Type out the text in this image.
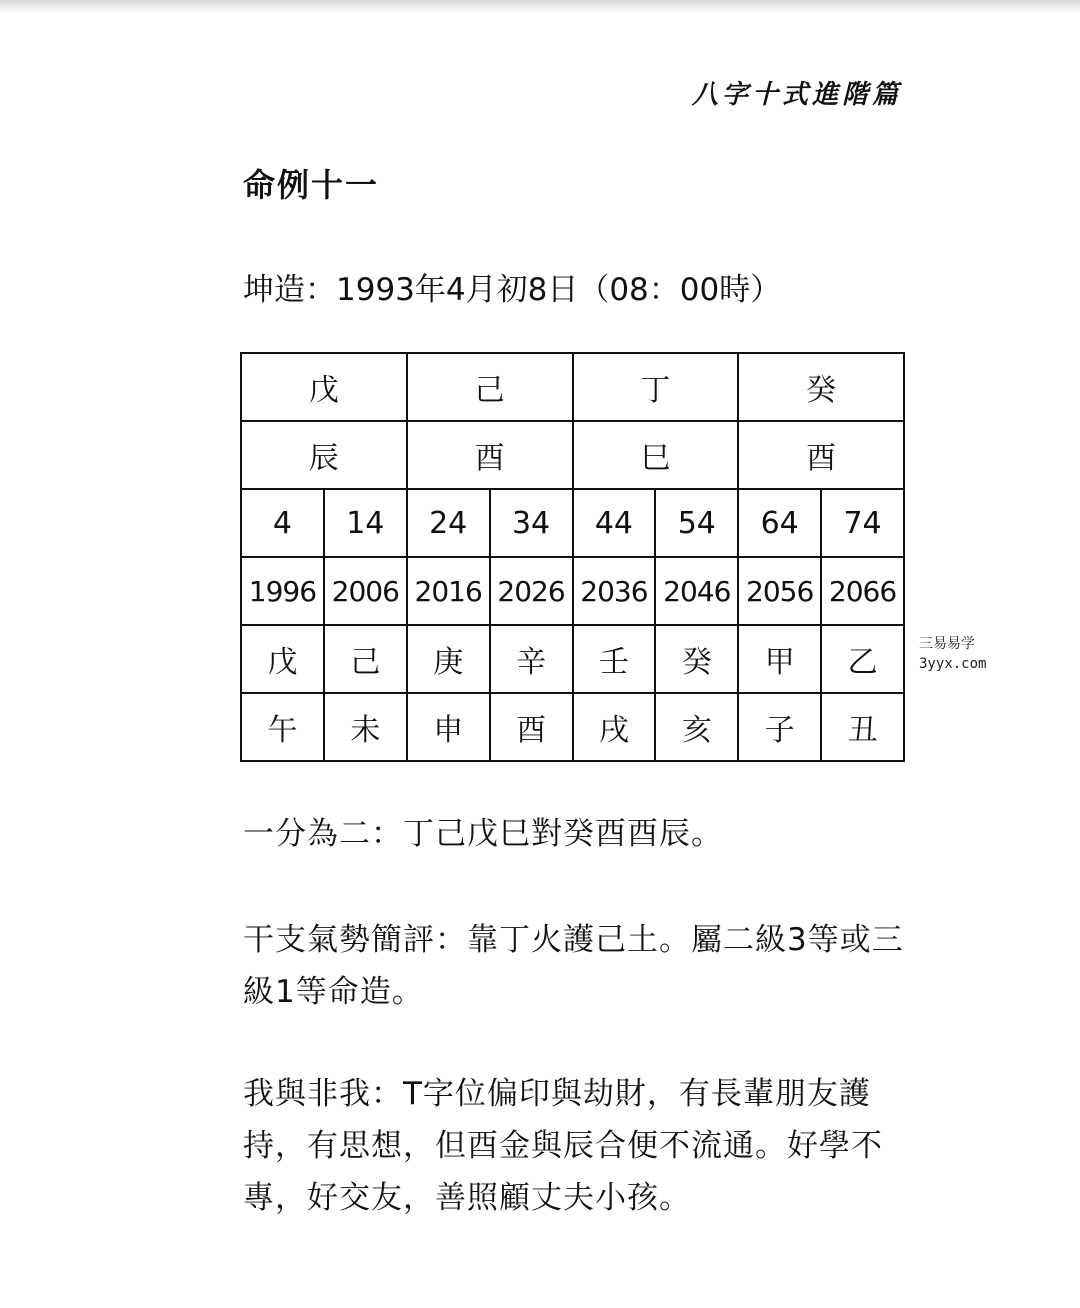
八字十式進階篇
命例十一
坤造：1993年4月初8日（08：00時）
戊		己		丁		癸	
辰		酉		巳		酉	
4	14	24	34	44	54	64	74
1996	2006	2016	2026	2036	2046	2056	2066
戊	己	庚	辛	壬	癸	甲	乙
午	未	申	酉	戌	亥	子	丑
三易易学
3yyx.com
一分為二：丁己戊巳對癸酉酉辰。
干支氣勢簡評：靠丁火護己土。屬二級3等或三級1等命造。
我與非我：T字位偏印與劫財，有長輩朋友護持，有思想，但酉金與辰合便不流通。好學不專，好交友，善照顧丈夫小孩。
